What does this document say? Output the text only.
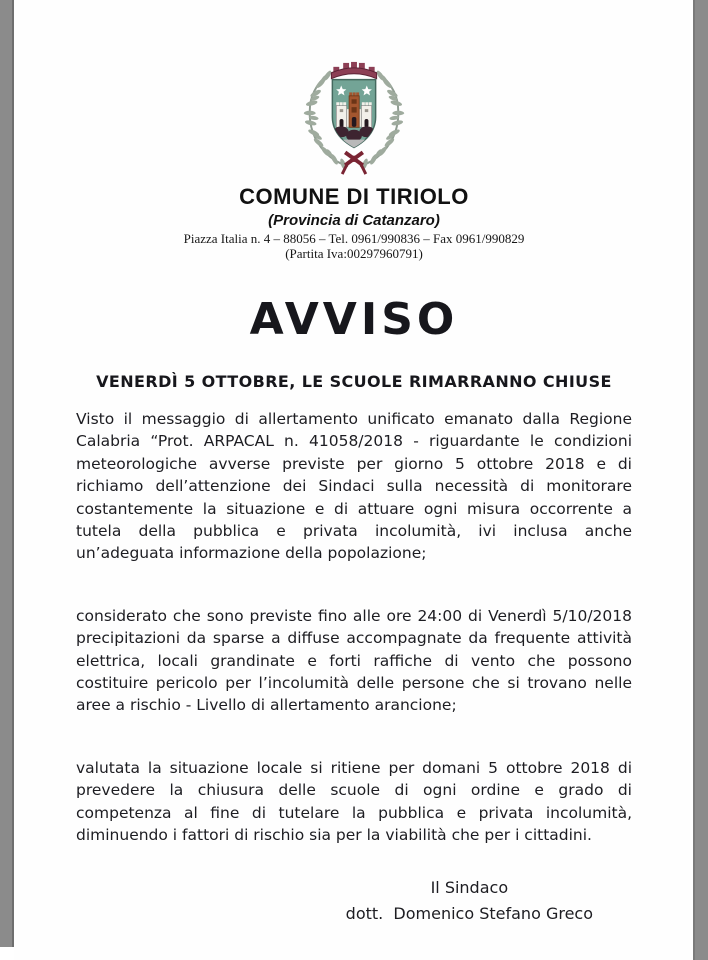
COMUNE DI TIRIOLO
(Provincia di Catanzaro)
Piazza Italia n. 4 – 88056 – Tel. 0961/990836 – Fax 0961/990829
(Partita Iva:00297960791)
AVVISO
VENERDÌ 5 OTTOBRE, LE SCUOLE RIMARRANNO CHIUSE

Visto il messaggio di allertamento unificato emanato dalla Regione Calabria “Prot. ARPACAL n. 41058/2018 - riguardante le condizioni meteorologiche avverse previste per giorno 5 ottobre 2018 e di richiamo dell’attenzione dei Sindaci sulla necessità di monitorare costantemente la situazione e di attuare ogni misura occorrente a tutela della pubblica e privata incolumità, ivi inclusa anche un’adeguata informazione della popolazione;

considerato che sono previste fino alle ore 24:00 di Venerdì 5/10/2018 precipitazioni da sparse a diffuse accompagnate da frequente attività elettrica, locali grandinate e forti raffiche di vento che possono costituire pericolo per l’incolumità delle persone che si trovano nelle aree a rischio - Livello di allertamento arancione;

valutata la situazione locale si ritiene per domani 5 ottobre 2018 di prevedere la chiusura delle scuole di ogni ordine e grado di competenza al fine di tutelare la pubblica e privata incolumità, diminuendo i fattori di rischio sia per la viabilità che per i cittadini.

Il Sindaco
dott.  Domenico Stefano Greco
